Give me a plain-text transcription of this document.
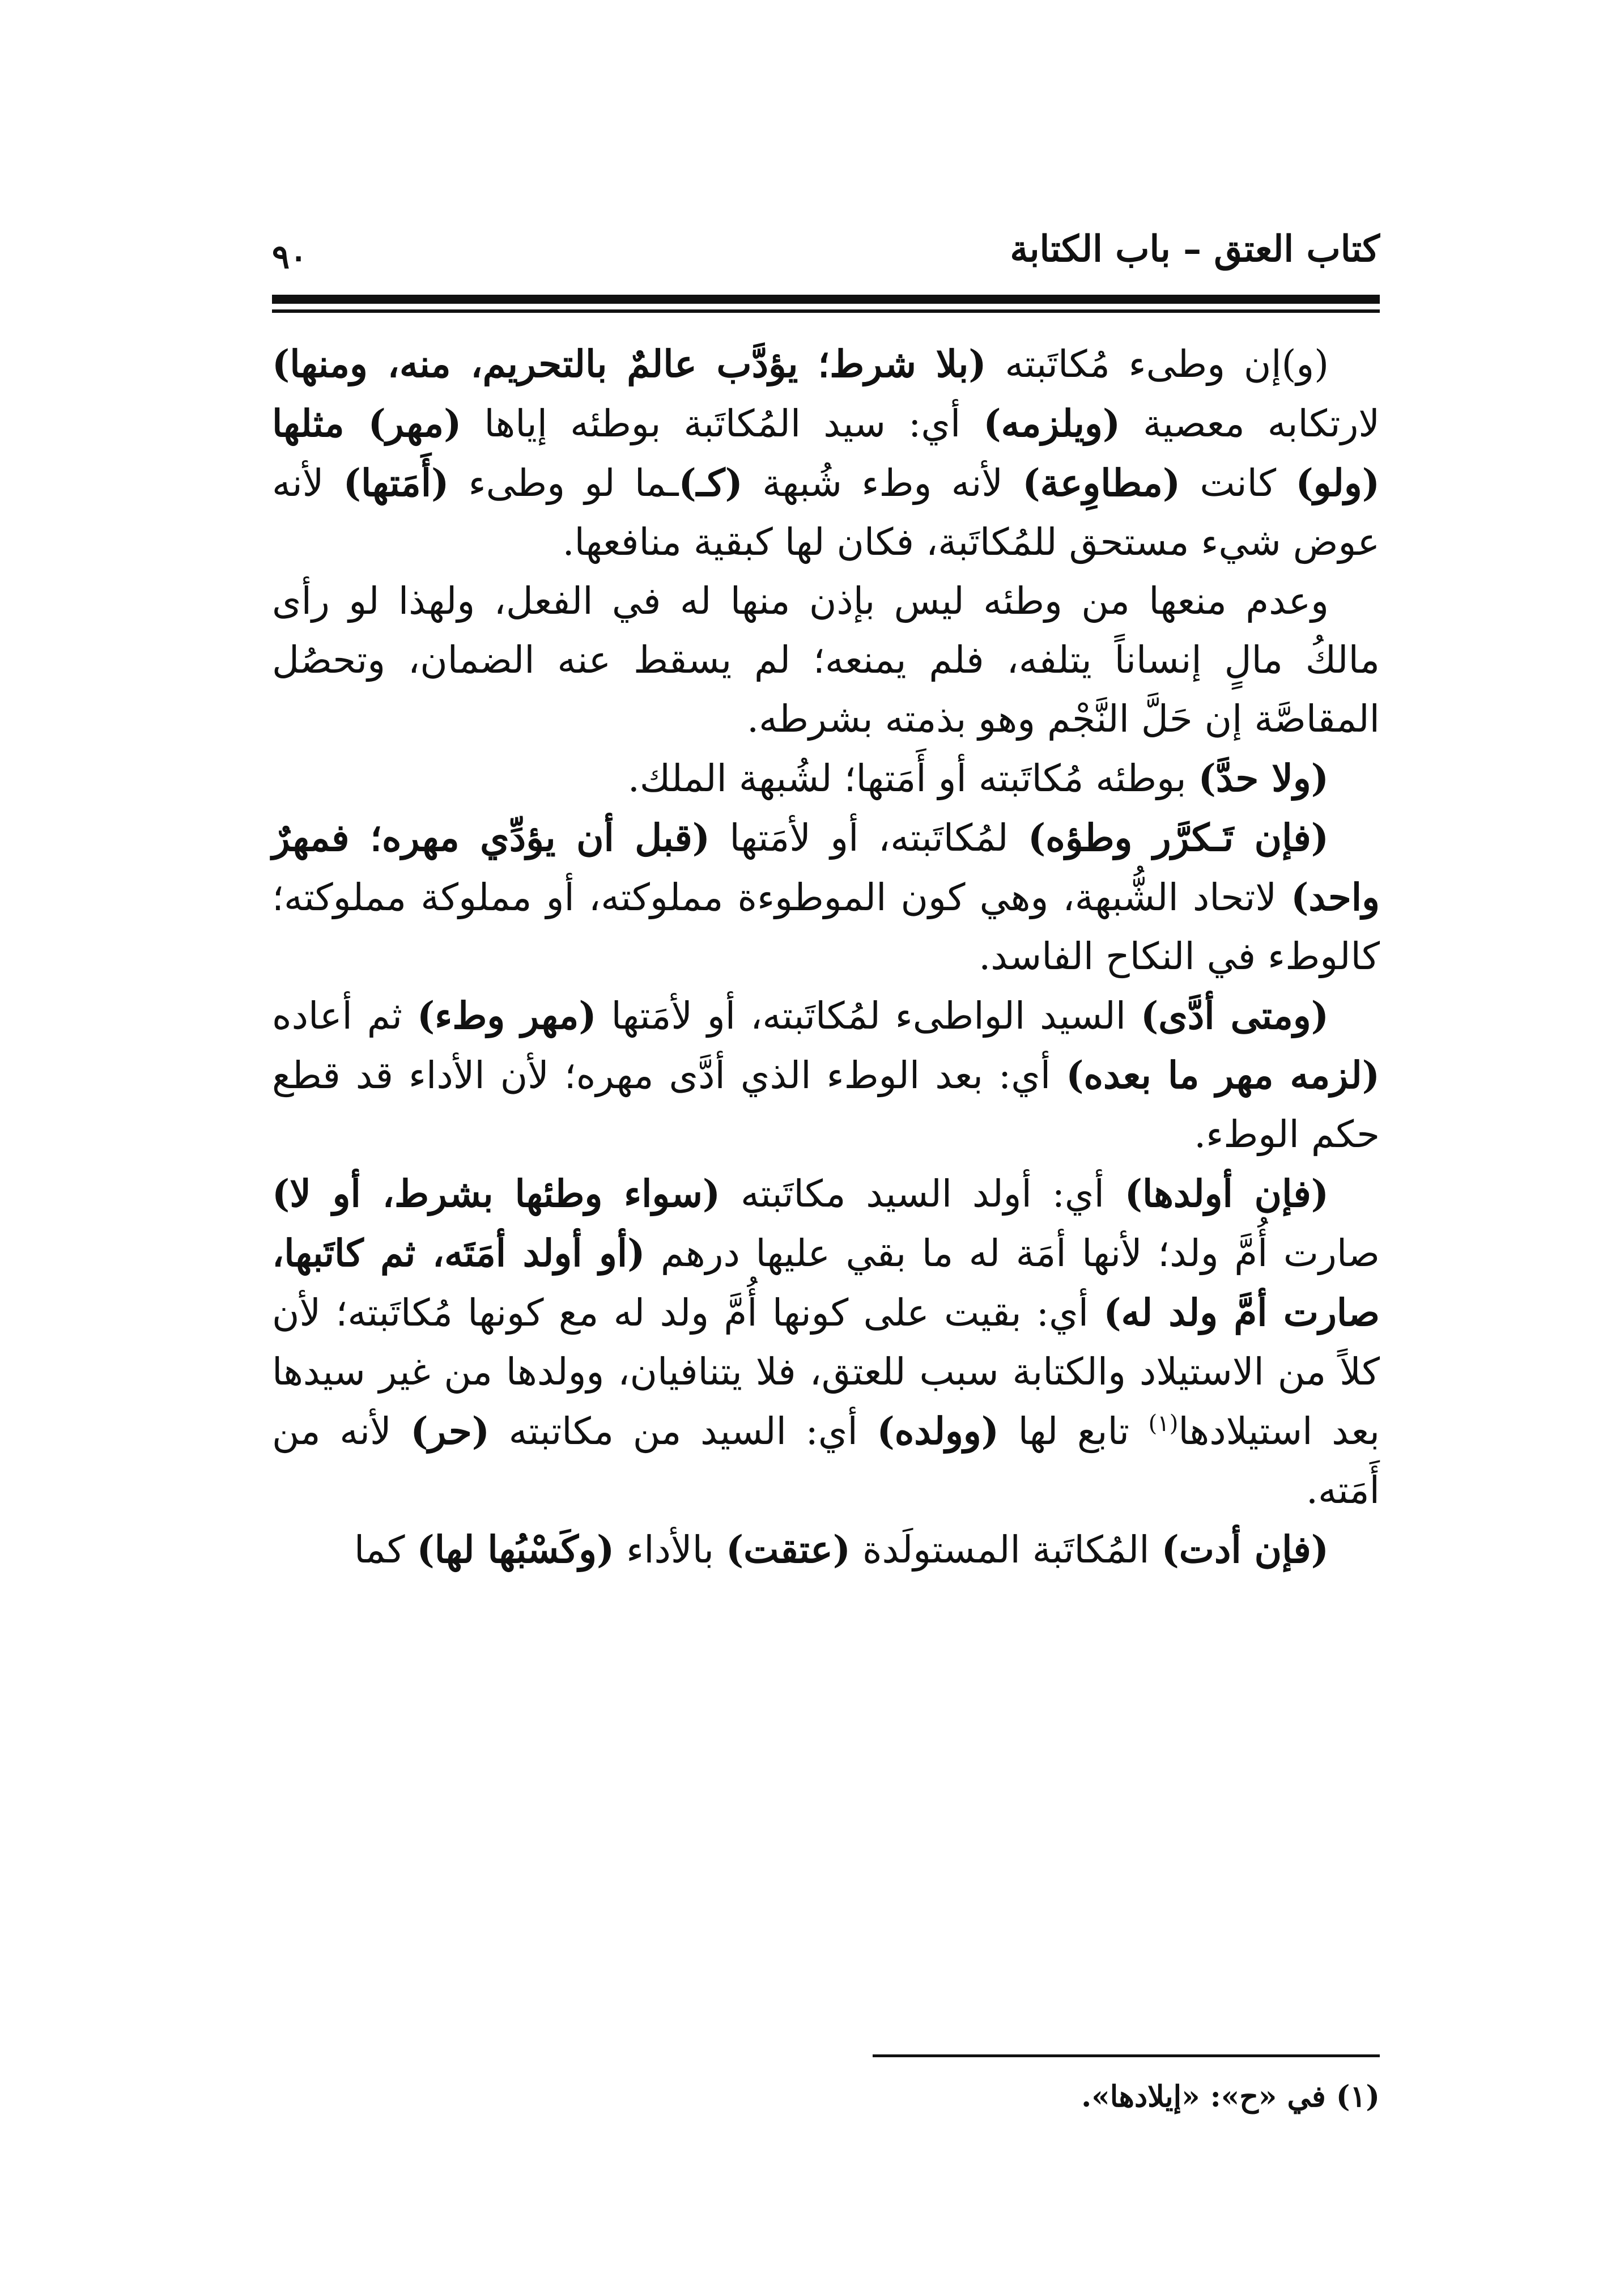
كتاب العتق – باب الكتابة
٩٠

(و)إن وطىء مُكاتَبته (بلا شرط؛ يؤدَّب عالمٌ بالتحريم، منه، ومنها) لارتكابه معصية (ويلزمه) أي: سيد المُكاتَبة بوطئه إياها (مهر) مثلها (ولو) كانت (مطاوِعة) لأنه وطء شُبهة (كـ)ـما لو وطىء (أَمَتها) لأنه عوض شيء مستحق للمُكاتَبة، فكان لها كبقية منافعها.

وعدم منعها من وطئه ليس بإذن منها له في الفعل، ولهذا لو رأى مالكُ مالٍ إنساناً يتلفه، فلم يمنعه؛ لم يسقط عنه الضمان، وتحصُل المقاصَّة إن حَلَّ النَّجْم وهو بذمته بشرطه.

(ولا حدَّ) بوطئه مُكاتَبته أو أَمَتها؛ لشُبهة الملك.

(فإن تَـكرَّر وطؤه) لمُكاتَبته، أو لأمَتها (قبل أن يؤدِّي مهره؛ فمهرٌ واحد) لاتحاد الشُّبهة، وهي كون الموطوءة مملوكته، أو مملوكة مملوكته؛ كالوطء في النكاح الفاسد.

(ومتى أدَّى) السيد الواطىء لمُكاتَبته، أو لأمَتها (مهر وطء) ثم أعاده (لزمه مهر ما بعده) أي: بعد الوطء الذي أدَّى مهره؛ لأن الأداء قد قطع حكم الوطء.

(فإن أولدها) أي: أولد السيد مكاتَبته (سواء وطئها بشرط، أو لا) صارت أُمَّ ولد؛ لأنها أمَة له ما بقي عليها درهم (أو أولد أمَتَه، ثم كاتَبها، صارت أمَّ ولد له) أي: بقيت على كونها أُمَّ ولد له مع كونها مُكاتَبته؛ لأن كلاً من الاستيلاد والكتابة سبب للعتق، فلا يتنافيان، وولدها من غير سيدها بعد استيلادها$^{(١)}$ تابع لها (وولده) أي: السيد من مكاتبته (حر) لأنه من أَمَته.

(فإن أدت) المُكاتَبة المستولَدة (عتقت) بالأداء (وكَسْبُها لها) كما

(١) في «ح»: «إيلادها».
